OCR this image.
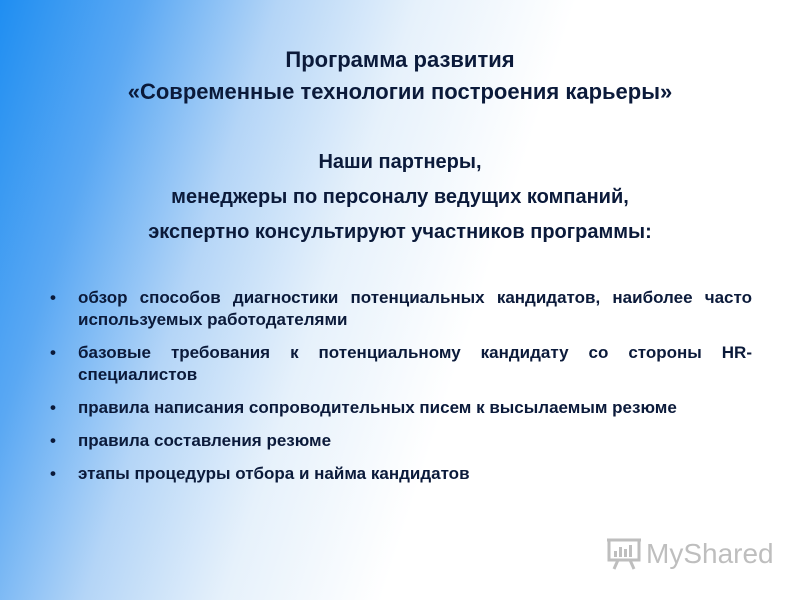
Программа развития
«Современные технологии построения карьеры»
Наши партнеры,
менеджеры по персоналу ведущих компаний,
экспертно консультируют участников программы:
• обзор способов диагностики потенциальных кандидатов, наиболее часто используемых работодателями
• базовые требования к потенциальному кандидату со стороны HR-специалистов
• правила написания сопроводительных писем к высылаемым резюме
• правила составления резюме
• этапы процедуры отбора и найма кандидатов
MyShared
